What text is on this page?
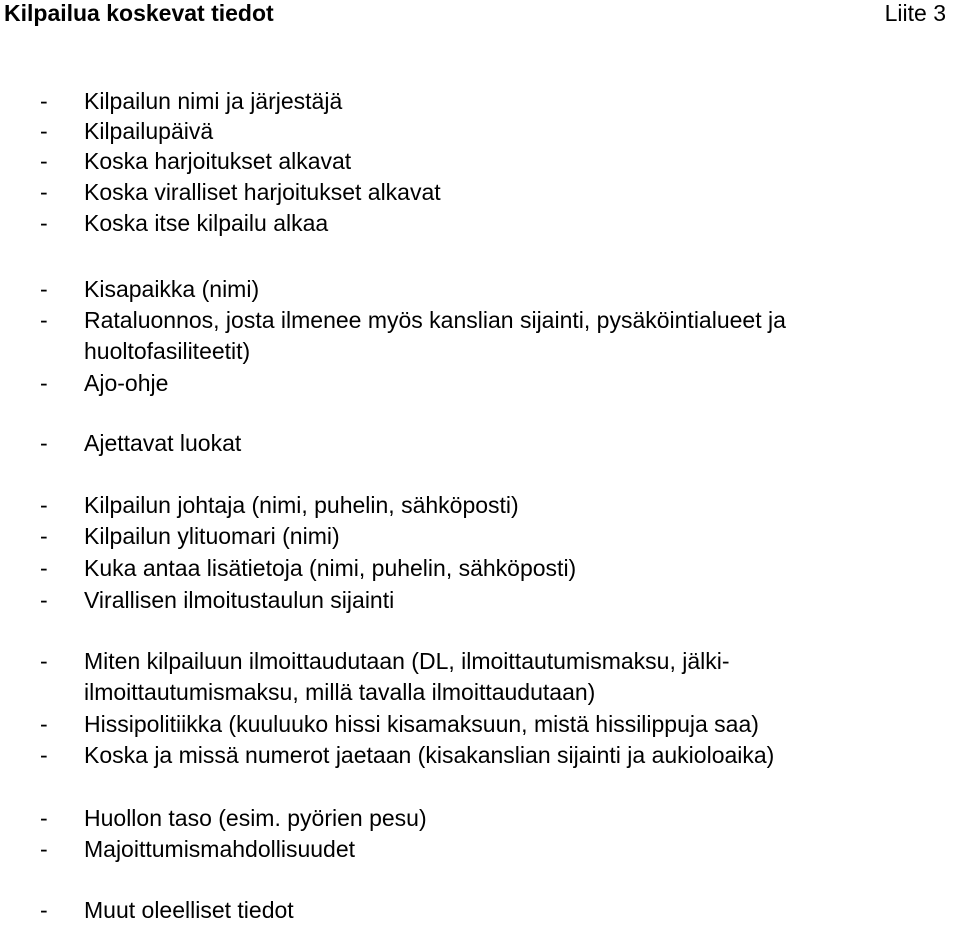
Kilpailua koskevat tiedot	Liite 3
- Kilpailun nimi ja järjestäjä
- Kilpailupäivä
- Koska harjoitukset alkavat
- Koska viralliset harjoitukset alkavat
- Koska itse kilpailu alkaa
- Kisapaikka (nimi)
- Rataluonnos, josta ilmenee myös kanslian sijainti, pysäköintialueet ja
huoltofasiliteetit)
- Ajo-ohje
- Ajettavat luokat
- Kilpailun johtaja (nimi, puhelin, sähköposti)
- Kilpailun ylituomari (nimi)
- Kuka antaa lisätietoja (nimi, puhelin, sähköposti)
- Virallisen ilmoitustaulun sijainti
- Miten kilpailuun ilmoittaudutaan (DL, ilmoittautumismaksu, jälki-
ilmoittautumismaksu, millä tavalla ilmoittaudutaan)
- Hissipolitiikka (kuuluuko hissi kisamaksuun, mistä hissilippuja saa)
- Koska ja missä numerot jaetaan (kisakanslian sijainti ja aukioloaika)
- Huollon taso (esim. pyörien pesu)
- Majoittumismahdollisuudet
- Muut oleelliset tiedot
